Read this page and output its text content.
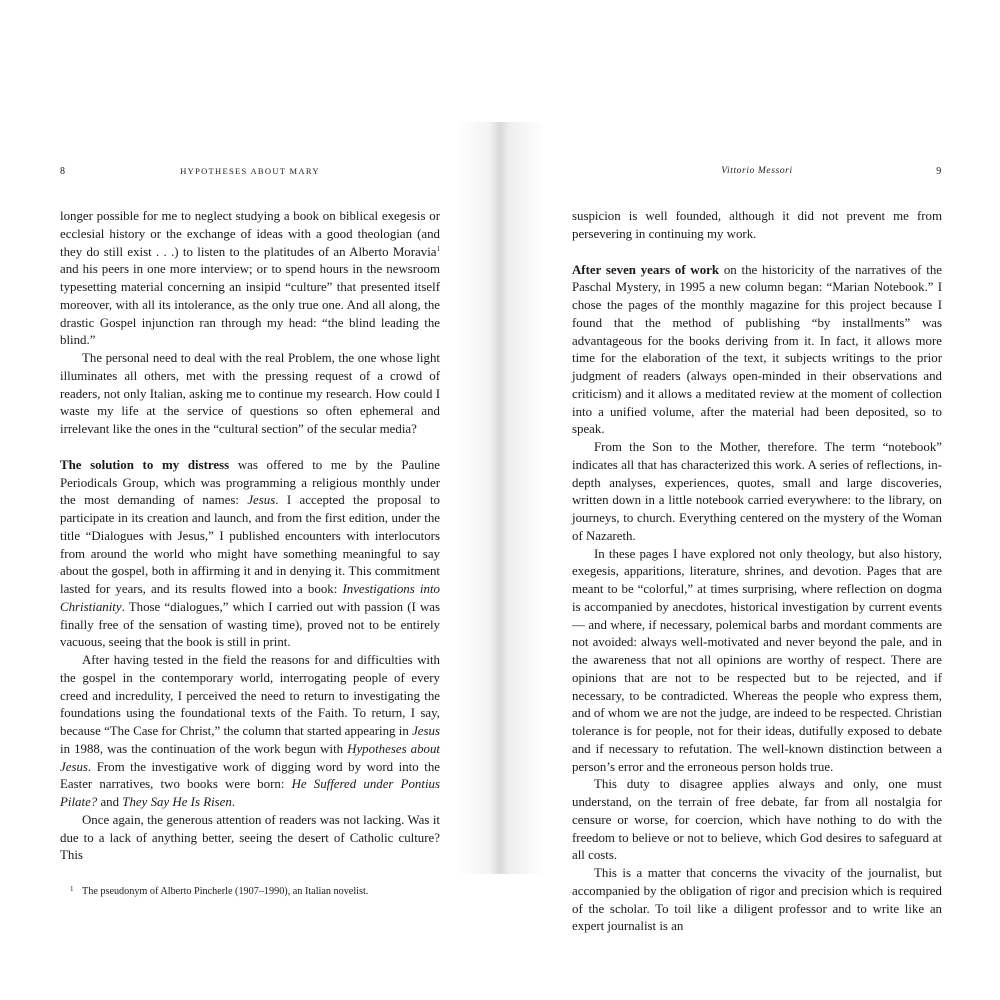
8	HYPOTHESES ABOUT MARY

longer possible for me to neglect studying a book on biblical exegesis or ecclesial history or the exchange of ideas with a good theologian (and they do still exist . . .) to listen to the platitudes of an Alberto Moravia$^1$ and his peers in one more interview; or to spend hours in the newsroom typesetting material concerning an insipid “culture” that presented itself moreover, with all its intolerance, as the only true one. And all along, the drastic Gospel injunction ran through my head: “the blind leading the blind.”

The personal need to deal with the real Problem, the one whose light illuminates all others, met with the pressing request of a crowd of readers, not only Italian, asking me to continue my research. How could I waste my life at the service of questions so often ephemeral and irrelevant like the ones in the “cultural section” of the secular media?

The solution to my distress was offered to me by the Pauline Periodicals Group, which was programming a religious monthly under the most demanding of names: Jesus. I accepted the proposal to participate in its creation and launch, and from the first edition, under the title “Dialogues with Jesus,” I published encounters with interlocutors from around the world who might have something meaningful to say about the gospel, both in affirming it and in denying it. This commitment lasted for years, and its results flowed into a book: Investigations into Christianity. Those “dialogues,” which I carried out with passion (I was finally free of the sensation of wasting time), proved not to be entirely vacuous, seeing that the book is still in print.

After having tested in the field the reasons for and difficulties with the gospel in the contemporary world, interrogating people of every creed and incredulity, I perceived the need to return to investigating the foundations using the foundational texts of the Faith. To return, I say, because “The Case for Christ,” the column that started appearing in Jesus in 1988, was the continuation of the work begun with Hypotheses about Jesus. From the investigative work of digging word by word into the Easter narratives, two books were born: He Suffered under Pontius Pilate? and They Say He Is Risen.

Once again, the generous attention of readers was not lacking. Was it due to a lack of anything better, seeing the desert of Catholic culture? This

1 The pseudonym of Alberto Pincherle (1907–1990), an Italian novelist.
Vittorio Messori	9

suspicion is well founded, although it did not prevent me from persevering in continuing my work.

After seven years of work on the historicity of the narratives of the Paschal Mystery, in 1995 a new column began: “Marian Notebook.” I chose the pages of the monthly magazine for this project because I found that the method of publishing “by installments” was advantageous for the books deriving from it. In fact, it allows more time for the elaboration of the text, it subjects writings to the prior judgment of readers (always open-minded in their observations and criticism) and it allows a meditated review at the moment of collection into a unified volume, after the material had been deposited, so to speak.

From the Son to the Mother, therefore. The term “notebook” indicates all that has characterized this work. A series of reflections, in-depth analyses, experiences, quotes, small and large discoveries, written down in a little notebook carried everywhere: to the library, on journeys, to church. Everything centered on the mystery of the Woman of Nazareth.

In these pages I have explored not only theology, but also history, exegesis, apparitions, literature, shrines, and devotion. Pages that are meant to be “colorful,” at times surprising, where reflection on dogma is accompanied by anecdotes, historical investigation by current events — and where, if necessary, polemical barbs and mordant comments are not avoided: always well-motivated and never beyond the pale, and in the awareness that not all opinions are worthy of respect. There are opinions that are not to be respected but to be rejected, and if necessary, to be contradicted. Whereas the people who express them, and of whom we are not the judge, are indeed to be respected. Christian tolerance is for people, not for their ideas, dutifully exposed to debate and if necessary to refutation. The well-known distinction between a person’s error and the erroneous person holds true.

This duty to disagree applies always and only, one must understand, on the terrain of free debate, far from all nostalgia for censure or worse, for coercion, which have nothing to do with the freedom to believe or not to believe, which God desires to safeguard at all costs.

This is a matter that concerns the vivacity of the journalist, but accompanied by the obligation of rigor and precision which is required of the scholar. To toil like a diligent professor and to write like an expert journalist is an
